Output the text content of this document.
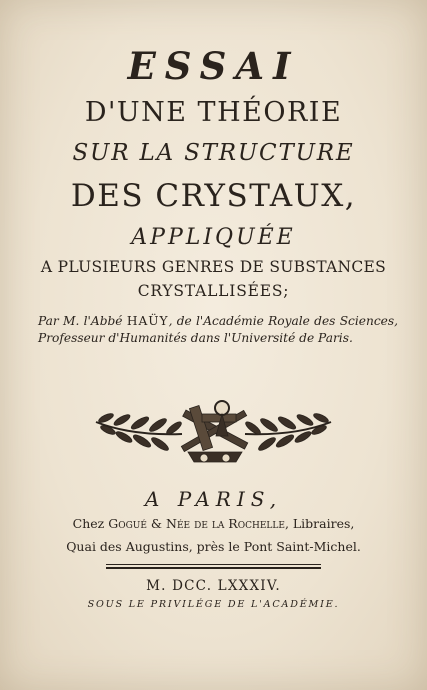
ESSAI
D'UNE THÉORIE
SUR LA STRUCTURE
DES CRYSTAUX,
APPLIQUÉE
A PLUSIEURS GENRES DE SUBSTANCES
CRYSTALLISÉES;
Par M. l'Abbé HAÜY, de l'Académie Royale des Sciences, Professeur d'Humanités dans l'Université de Paris.
A PARIS,
Chez Gogué & Née de la Rochelle, Libraires,
Quai des Augustins, près le Pont Saint-Michel.
M. DCC. LXXXIV.
SOUS LE PRIVILÉGE DE L'ACADÉMIE.
